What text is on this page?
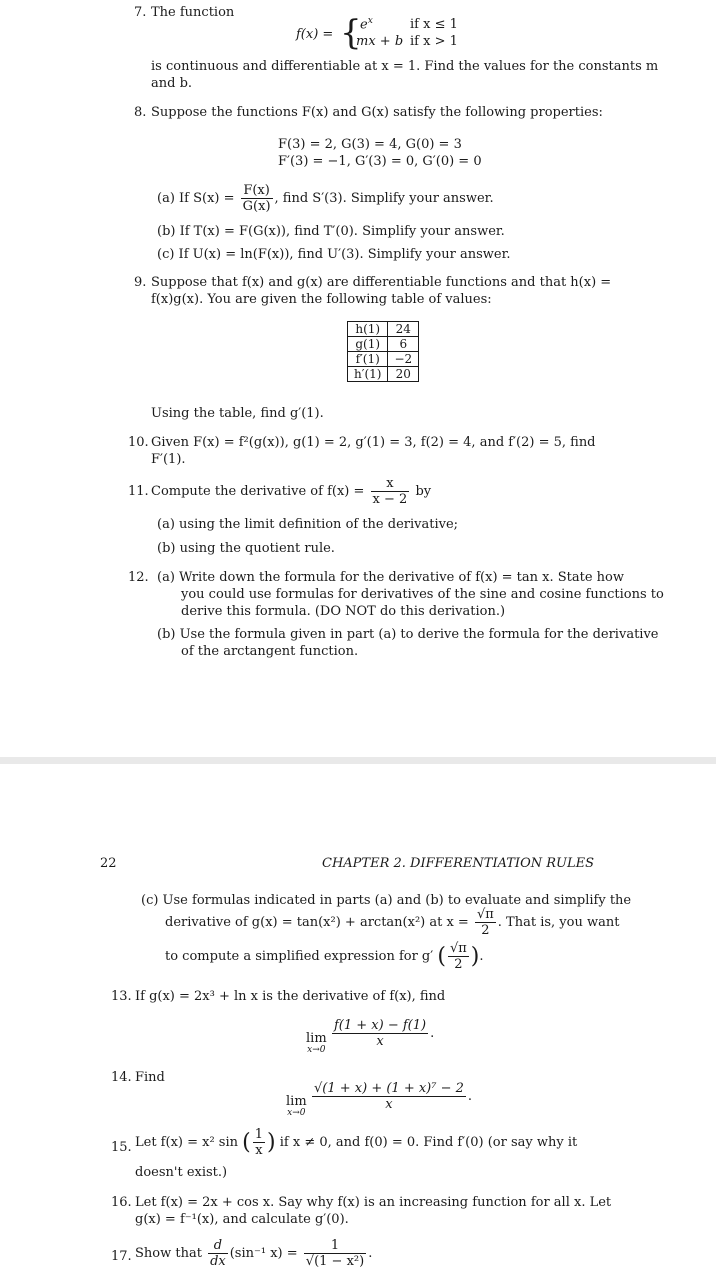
7. The function
f(x) = {
$e^x$	if x ≤ 1
mx + b if x > 1
is continuous and differentiable at x = 1. Find the values for the constants m
and b.
8. Suppose the functions F(x) and G(x) satisfy the following properties:
F(3) = 2, G(3) = 4, G(0) = 3
F′(3) = −1, G′(3) = 0, G′(0) = 0
(a) If $S(x) = \frac{F(x)}{G(x)}$ , find S′(3). Simplify your answer.
(b) If T(x) = F(G(x)), find T′(0). Simplify your answer.
(c) If U(x) = ln(F(x)), find U′(3). Simplify your answer.
9. Suppose that f(x) and g(x) are differentiable functions and that h(x) =
f(x)g(x). You are given the following table of values:
h(1)	24
g(1)	6
f′(1)	−2
h′(1)	20
Using the table, find g′(1).
10. Given F(x) = f²(g(x)), g(1) = 2, g′(1) = 3, f(2) = 4, and f′(2) = 5, find
F′(1).
11. Compute the derivative of $f(x) = \frac{x}{x - 2}$ by
(a) using the limit definition of the derivative;
(b) using the quotient rule.
12. (a) Write down the formula for the derivative of f(x) = tan x. State how
you could use formulas for derivatives of the sine and cosine functions to
derive this formula. (DO NOT do this derivation.)
(b) Use the formula given in part (a) to derive the formula for the derivative
of the arctangent function.
22	CHAPTER 2. DIFFERENTIATION RULES
(c) Use formulas indicated in parts (a) and (b) to evaluate and simplify the
derivative of g(x) = tan(x²) + arctan(x²) at $x = \frac{√\pi}{2}$ . That is, you want
to compute a simplified expression for g′ ( $\frac{√\pi}{2}$ ).
13. If g(x) = 2x³ + ln x is the derivative of f(x), find
lim
x→0
$\frac{f(1 + x) - f(1)}{x}$ .
14. Find
lim
x→0
$\frac{\text{√(1 + x) + (1 + x)⁷ − 2}}{x}$ .
15. Let f(x) = x² sin ( $\frac{1}{x}$ ) if x ≠ 0, and f(0) = 0. Find f′(0) (or say why it
doesn't exist.)
16. Let f(x) = 2x + cos x. Say why f(x) is an increasing function for all x. Let
g(x) = f⁻¹(x), and calculate g′(0).
17. Show that $\frac{d}{dx} (\sin^{-1}$ $x) = \frac{1}{\text{√(1 − x²)}}$ .
